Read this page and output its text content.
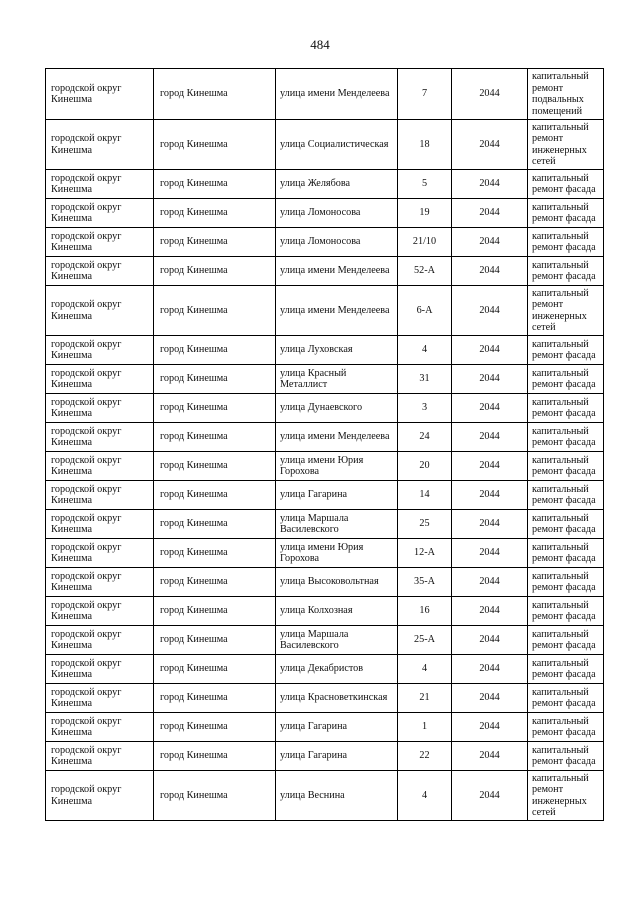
484
городской округ Кинешма	город Кинешма	улица имени Менделеева	7	2044	капитальный ремонт подвальных помещений
городской округ Кинешма	город Кинешма	улица Социалистическая	18	2044	капитальный ремонт инженерных сетей
городской округ Кинешма	город Кинешма	улица Желябова	5	2044	капитальный ремонт фасада
городской округ Кинешма	город Кинешма	улица Ломоносова	19	2044	капитальный ремонт фасада
городской округ Кинешма	город Кинешма	улица Ломоносова	21/10	2044	капитальный ремонт фасада
городской округ Кинешма	город Кинешма	улица имени Менделеева	52-А	2044	капитальный ремонт фасада
городской округ Кинешма	город Кинешма	улица имени Менделеева	6-А	2044	капитальный ремонт инженерных сетей
городской округ Кинешма	город Кинешма	улица Луховская	4	2044	капитальный ремонт фасада
городской округ Кинешма	город Кинешма	улица Красный Металлист	31	2044	капитальный ремонт фасада
городской округ Кинешма	город Кинешма	улица Дунаевского	3	2044	капитальный ремонт фасада
городской округ Кинешма	город Кинешма	улица имени Менделеева	24	2044	капитальный ремонт фасада
городской округ Кинешма	город Кинешма	улица имени Юрия Горохова	20	2044	капитальный ремонт фасада
городской округ Кинешма	город Кинешма	улица Гагарина	14	2044	капитальный ремонт фасада
городской округ Кинешма	город Кинешма	улица Маршала Василевского	25	2044	капитальный ремонт фасада
городской округ Кинешма	город Кинешма	улица имени Юрия Горохова	12-А	2044	капитальный ремонт фасада
городской округ Кинешма	город Кинешма	улица Высоковольтная	35-А	2044	капитальный ремонт фасада
городской округ Кинешма	город Кинешма	улица Колхозная	16	2044	капитальный ремонт фасада
городской округ Кинешма	город Кинешма	улица Маршала Василевского	25-А	2044	капитальный ремонт фасада
городской округ Кинешма	город Кинешма	улица Декабристов	4	2044	капитальный ремонт фасада
городской округ Кинешма	город Кинешма	улица Красноветкинская	21	2044	капитальный ремонт фасада
городской округ Кинешма	город Кинешма	улица Гагарина	1	2044	капитальный ремонт фасада
городской округ Кинешма	город Кинешма	улица Гагарина	22	2044	капитальный ремонт фасада
городской округ Кинешма	город Кинешма	улица Веснина	4	2044	капитальный ремонт инженерных сетей
